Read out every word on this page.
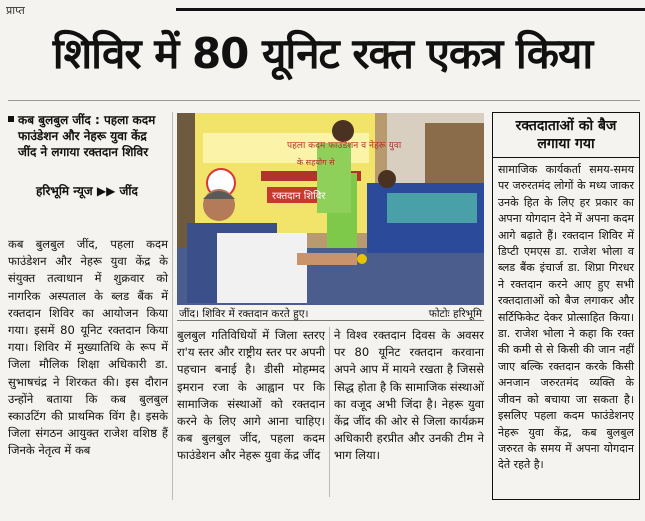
प्राप्त
शिविर में 80 यूनिट रक्त एकत्र किया
कब बुलबुल जींद : पहला कदम फाउंडेशन और नेहरू युवा केंद्र जींद ने लगाया रक्तदान शिविर
हरिभूमि न्यूज ▶▶ जींद
कब बुलबुल जींद, पहला कदम फाउंडेशन और नेहरू युवा केंद्र के संयुक्त तत्वाधान में शुक्रवार को नागरिक अस्पताल के ब्लड बैंक में रक्तदान शिविर का आयोजन किया गया। इसमें 80 यूनिट रक्तदान किया गया। शिविर में मुख्यातिथि के रूप में जिला मौलिक शिक्षा अधिकारी डा. सुभाषचंद्र ने शिरकत की। इस दौरान उन्होंने बताया कि कब बुलबुल स्काउटिंग की प्राथमिक विंग है। इसके जिला संगठन आयुक्त राजेश वशिष्ठ हैं जिनके नेतृत्व में कब
पहला कदम फाउंडेशन व नेहरू युवा
के सहयोग से
रक्तदान शिविर
जींद। शिविर में रक्तदान करते हुए।	फोटोः हरिभूमि
बुलबुल गतिविधियों में जिला स्तरए रा'य स्तर और राष्ट्रीय स्तर पर अपनी पहचान बनाई है। डीसी मोहम्मद इमरान रजा के आह्वान पर कि सामाजिक संस्थाओं को रक्तदान करने के लिए आगे आना चाहिए। कब बुलबुल जींद, पहला कदम फाउंडेशन और नेहरू युवा केंद्र जींद
ने विश्व रक्तदान दिवस के अवसर पर 80 यूनिट रक्तदान करवाना अपने आप में मायने रखता है जिससे सिद्ध होता है कि सामाजिक संस्थाओं का वजूद अभी जिंदा है। नेहरू युवा केंद्र जींद की ओर से जिला कार्यक्रम अधिकारी हरप्रीत और उनकी टीम ने भाग लिया।
रक्तदाताओं को बैज लगाया गया
सामाजिक कार्यकर्ता समय-समय पर जरुरतमंद लोगों के मध्य जाकर उनके हित के लिए हर प्रकार का अपना योगदान देने में अपना कदम आगे बढ़ाते हैं। रक्तदान शिविर में डिप्टी एमएस डा. राजेश भोला व ब्लड बैंक इंचार्ज डा. शिप्रा गिरधर ने रक्तदान करने आए हुए सभी रक्तदाताओं को बैज लगाकर और सर्टिफिकेट देकर प्रोत्साहित किया। डा. राजेश भोला ने कहा कि रक्त की कमी से से किसी की जान नहीं जाए बल्कि रक्तदान करके किसी अनजान जरुरतमंद व्यक्ति के जीवन को बचाया जा सकता है। इसलिए पहला कदम फाउंडेशनए नेहरू युवा केंद्र, कब बुलबुल जरुरत के समय में अपना योगदान देते रहते है।
